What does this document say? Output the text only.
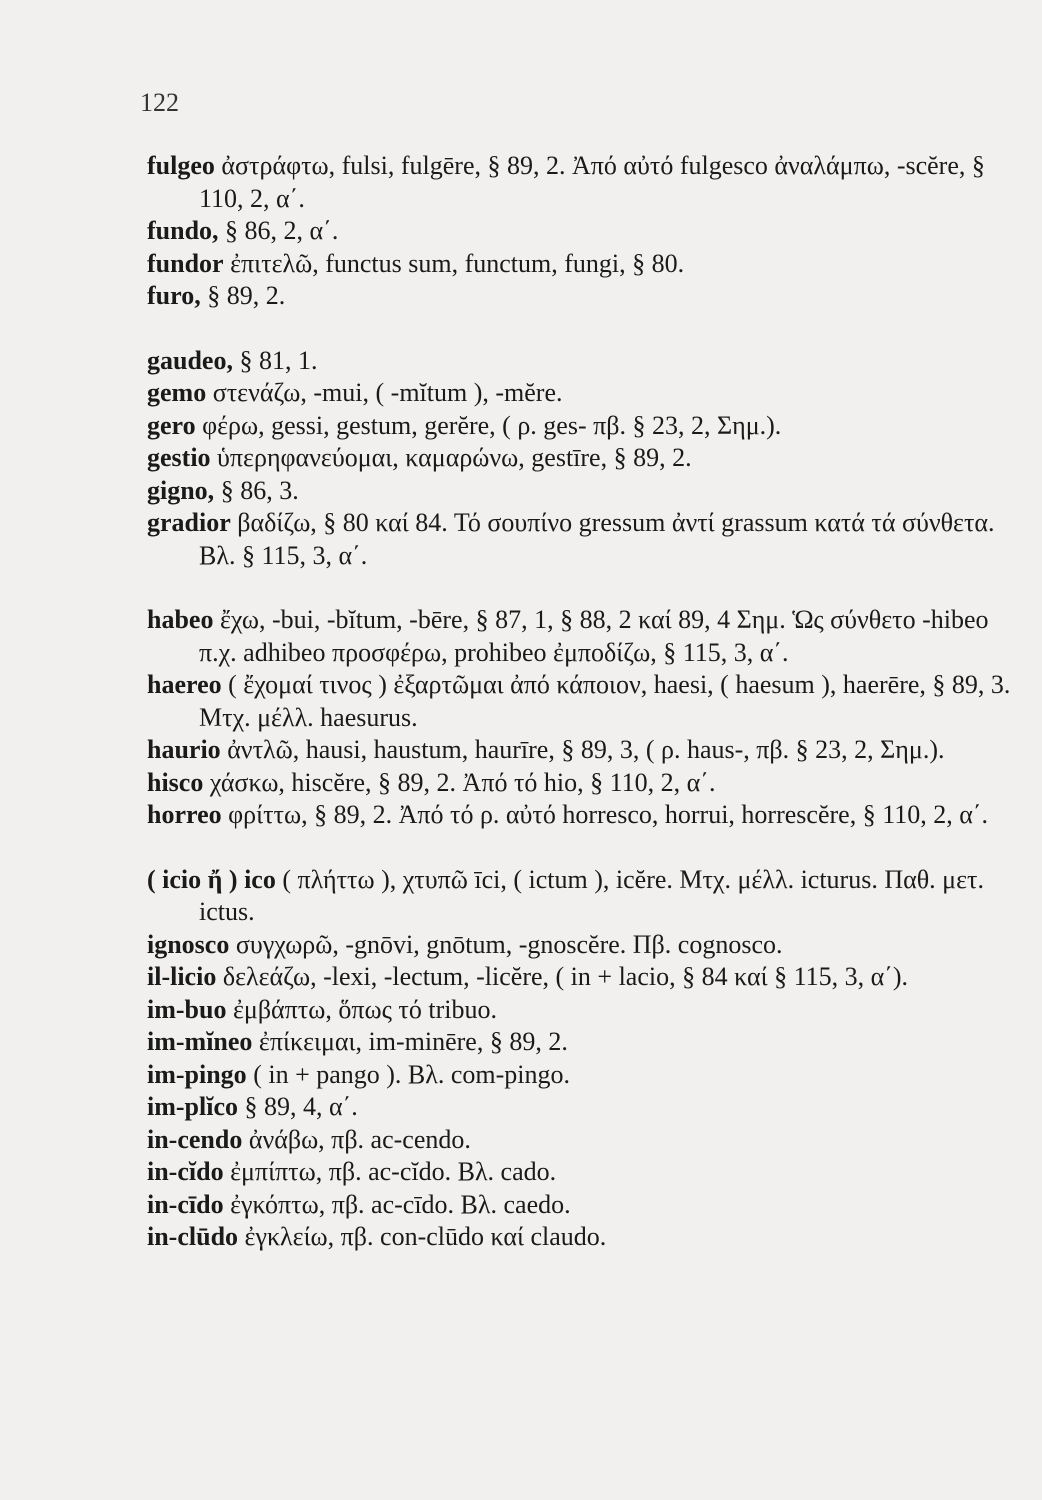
122

fulgeo ἀστράφτω, fulsi, fulgēre, § 89, 2. Ἀπό αὐτό fulgesco ἀναλάμπω, -scĕre, § 110, 2, α΄.

fundo, § 86, 2, α΄.

fundor ἐπιτελῶ, functus sum, functum, fungi, § 80.

furo, § 89, 2.

gaudeo, § 81, 1.

gemo στενάζω, -mui, ( -mĭtum ), -mĕre.

gero φέρω, gessi, gestum, gerĕre, ( ρ. ges- πβ. § 23, 2, Σημ.).

gestio ὑπερηφανεύομαι, καμαρώνω, gestīre, § 89, 2.

gigno, § 86, 3.

gradior βαδίζω, § 80 καί 84. Τό σουπίνο gressum ἀντί grassum κατά τά σύνθετα. Βλ. § 115, 3, α΄.

habeo ἔχω, -bui, -bĭtum, -bēre, § 87, 1, § 88, 2 καί 89, 4 Σημ. Ὡς σύνθετο -hibeo π.χ. adhibeo προσφέρω, prohibeo ἐμποδίζω, § 115, 3, α΄.

haereo ( ἔχομαί τινος ) ἐξαρτῶμαι ἀπό κάποιον, haesi, ( haesum ), haerēre, § 89, 3. Μτχ. μέλλ. haesurus.

haurio ἀντλῶ, hausi, haustum, haurīre, § 89, 3, ( ρ. haus-, πβ. § 23, 2, Σημ.).

hisco χάσκω, hiscĕre, § 89, 2. Ἀπό τό hio, § 110, 2, α΄.

horreo φρίττω, § 89, 2. Ἀπό τό ρ. αὐτό horresco, horrui, horrescĕre, § 110, 2, α΄.

( icio ἤ ) ico ( πλήττω ), χτυπῶ īci, ( ictum ), icĕre. Μτχ. μέλλ. icturus. Παθ. μετ. ictus.

ignosco συγχωρῶ, -gnōvi, gnōtum, -gnoscĕre. Πβ. cognosco.

il-licio δελεάζω, -lexi, -lectum, -licĕre, ( in + lacio, § 84 καί § 115, 3, α΄).

im-buo ἐμβάπτω, ὅπως τό tribuo.

im-mĭneo ἐπίκειμαι, im-minēre, § 89, 2.

im-pingo ( in + pango ). Βλ. com-pingo.

im-plĭco § 89, 4, α΄.

in-cendo ἀνάβω, πβ. ac-cendo.

in-cĭdo ἐμπίπτω, πβ. ac-cĭdo. Βλ. cado.

in-cīdo ἐγκόπτω, πβ. ac-cīdo. Βλ. caedo.

in-clūdo ἐγκλείω, πβ. con-clūdo καί claudo.
